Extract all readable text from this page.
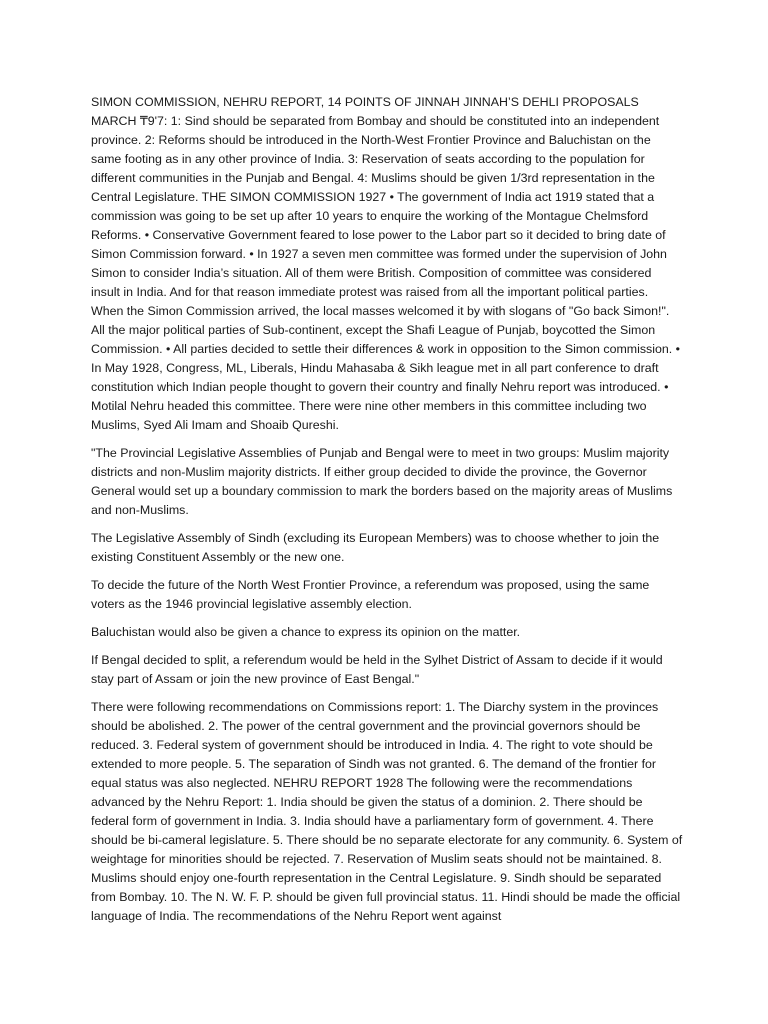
SIMON COMMISSION, NEHRU REPORT, 14 POINTS OF JINNAH JINNAH’S DEHLI PROPOSALS MARCH ₸9'7: 1: Sind should be separated from Bombay and should be constituted into an independent province. 2: Reforms should be introduced in the North-West Frontier Province and Baluchistan on the same footing as in any other province of India. 3: Reservation of seats according to the population for different communities in the Punjab and Bengal. 4: Muslims should be given 1/3rd representation in the Central Legislature. THE SIMON COMMISSION 1927 • The government of India act 1919 stated that a commission was going to be set up after 10 years to enquire the working of the Montague Chelmsford Reforms. • Conservative Government feared to lose power to the Labor part so it decided to bring date of Simon Commission forward. • In 1927 a seven men committee was formed under the supervision of John Simon to consider India’s situation. All of them were British. Composition of committee was considered insult in India. And for that reason immediate protest was raised from all the important political parties. When the Simon Commission arrived, the local masses welcomed it by with slogans of "Go back Simon!". All the major political parties of Sub-continent, except the Shafi League of Punjab, boycotted the Simon Commission. • All parties decided to settle their differences & work in opposition to the Simon commission. • In May 1928, Congress, ML, Liberals, Hindu Mahasaba & Sikh league met in all part conference to draft constitution which Indian people thought to govern their country and finally Nehru report was introduced. • Motilal Nehru headed this committee. There were nine other members in this committee including two Muslims, Syed Ali Imam and Shoaib Qureshi.

"The Provincial Legislative Assemblies of Punjab and Bengal were to meet in two groups: Muslim majority districts and non-Muslim majority districts. If either group decided to divide the province, the Governor General would set up a boundary commission to mark the borders based on the majority areas of Muslims and non-Muslims.

The Legislative Assembly of Sindh (excluding its European Members) was to choose whether to join the existing Constituent Assembly or the new one.

To decide the future of the North West Frontier Province, a referendum was proposed, using the same voters as the 1946 provincial legislative assembly election.

Baluchistan would also be given a chance to express its opinion on the matter.

If Bengal decided to split, a referendum would be held in the Sylhet District of Assam to decide if it would stay part of Assam or join the new province of East Bengal."

There were following recommendations on Commissions report: 1. The Diarchy system in the provinces should be abolished. 2. The power of the central government and the provincial governors should be reduced. 3. Federal system of government should be introduced in India. 4. The right to vote should be extended to more people. 5. The separation of Sindh was not granted. 6. The demand of the frontier for equal status was also neglected. NEHRU REPORT 1928 The following were the recommendations advanced by the Nehru Report: 1. India should be given the status of a dominion. 2. There should be federal form of government in India. 3. India should have a parliamentary form of government. 4. There should be bi-cameral legislature. 5. There should be no separate electorate for any community. 6. System of weightage for minorities should be rejected. 7. Reservation of Muslim seats should not be maintained. 8. Muslims should enjoy one-fourth representation in the Central Legislature. 9. Sindh should be separated from Bombay. 10. The N. W. F. P. should be given full provincial status. 11. Hindi should be made the official language of India. The recommendations of the Nehru Report went against
